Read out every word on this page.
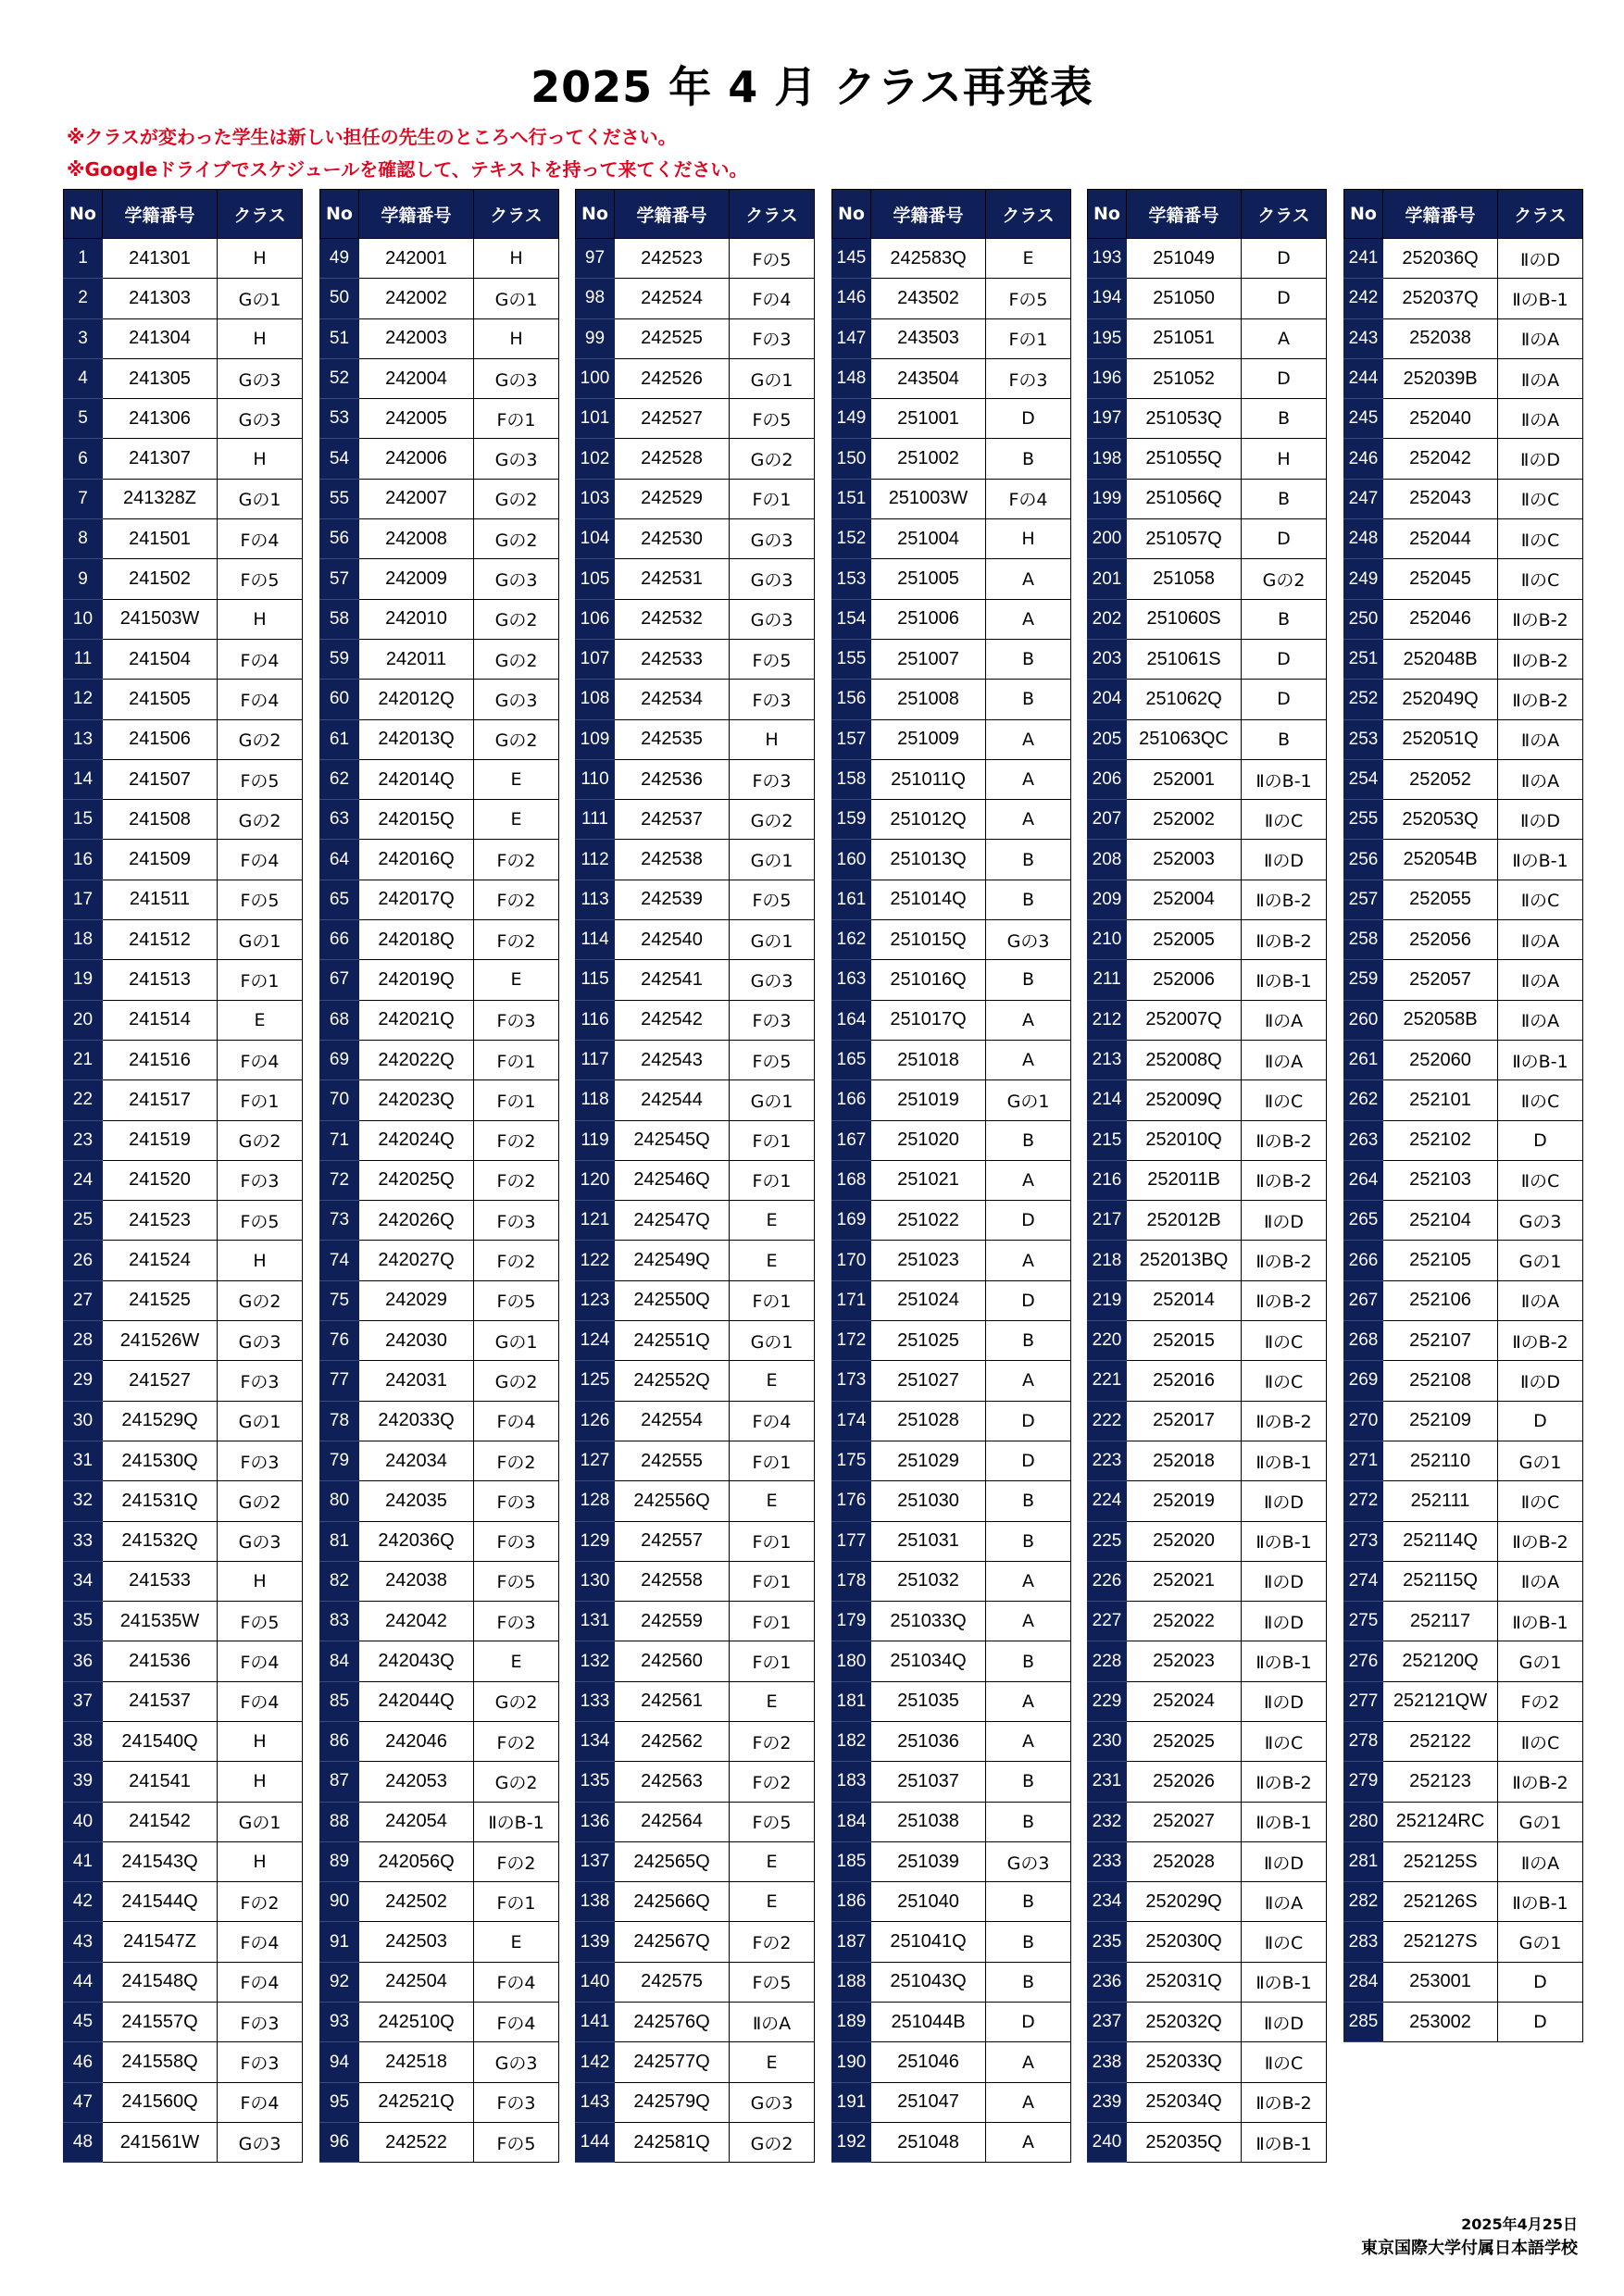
2025 年 4 月 クラス再発表
※クラスが変わった学生は新しい担任の先生のところへ行ってください。
※Googleドライブでスケジュールを確認して、テキストを持って来てください。
No	学籍番号	クラス
1	241301	H
2	241303	Gの1
3	241304	H
4	241305	Gの3
5	241306	Gの3
6	241307	H
7	241328Z	Gの1
8	241501	Fの4
9	241502	Fの5
10	241503W	H
11	241504	Fの4
12	241505	Fの4
13	241506	Gの2
14	241507	Fの5
15	241508	Gの2
16	241509	Fの4
17	241511	Fの5
18	241512	Gの1
19	241513	Fの1
20	241514	E
21	241516	Fの4
22	241517	Fの1
23	241519	Gの2
24	241520	Fの3
25	241523	Fの5
26	241524	H
27	241525	Gの2
28	241526W	Gの3
29	241527	Fの3
30	241529Q	Gの1
31	241530Q	Fの3
32	241531Q	Gの2
33	241532Q	Gの3
34	241533	H
35	241535W	Fの5
36	241536	Fの4
37	241537	Fの4
38	241540Q	H
39	241541	H
40	241542	Gの1
41	241543Q	H
42	241544Q	Fの2
43	241547Z	Fの4
44	241548Q	Fの4
45	241557Q	Fの3
46	241558Q	Fの3
47	241560Q	Fの4
48	241561W	Gの3
No	学籍番号	クラス
49	242001	H
50	242002	Gの1
51	242003	H
52	242004	Gの3
53	242005	Fの1
54	242006	Gの3
55	242007	Gの2
56	242008	Gの2
57	242009	Gの3
58	242010	Gの2
59	242011	Gの2
60	242012Q	Gの3
61	242013Q	Gの2
62	242014Q	E
63	242015Q	E
64	242016Q	Fの2
65	242017Q	Fの2
66	242018Q	Fの2
67	242019Q	E
68	242021Q	Fの3
69	242022Q	Fの1
70	242023Q	Fの1
71	242024Q	Fの2
72	242025Q	Fの2
73	242026Q	Fの3
74	242027Q	Fの2
75	242029	Fの5
76	242030	Gの1
77	242031	Gの2
78	242033Q	Fの4
79	242034	Fの2
80	242035	Fの3
81	242036Q	Fの3
82	242038	Fの5
83	242042	Fの3
84	242043Q	E
85	242044Q	Gの2
86	242046	Fの2
87	242053	Gの2
88	242054	ⅡのB-1
89	242056Q	Fの2
90	242502	Fの1
91	242503	E
92	242504	Fの4
93	242510Q	Fの4
94	242518	Gの3
95	242521Q	Fの3
96	242522	Fの5
No	学籍番号	クラス
97	242523	Fの5
98	242524	Fの4
99	242525	Fの3
100	242526	Gの1
101	242527	Fの5
102	242528	Gの2
103	242529	Fの1
104	242530	Gの3
105	242531	Gの3
106	242532	Gの3
107	242533	Fの5
108	242534	Fの3
109	242535	H
110	242536	Fの3
111	242537	Gの2
112	242538	Gの1
113	242539	Fの5
114	242540	Gの1
115	242541	Gの3
116	242542	Fの3
117	242543	Fの5
118	242544	Gの1
119	242545Q	Fの1
120	242546Q	Fの1
121	242547Q	E
122	242549Q	E
123	242550Q	Fの1
124	242551Q	Gの1
125	242552Q	E
126	242554	Fの4
127	242555	Fの1
128	242556Q	E
129	242557	Fの1
130	242558	Fの1
131	242559	Fの1
132	242560	Fの1
133	242561	E
134	242562	Fの2
135	242563	Fの2
136	242564	Fの5
137	242565Q	E
138	242566Q	E
139	242567Q	Fの2
140	242575	Fの5
141	242576Q	ⅡのA
142	242577Q	E
143	242579Q	Gの3
144	242581Q	Gの2
No	学籍番号	クラス
145	242583Q	E
146	243502	Fの5
147	243503	Fの1
148	243504	Fの3
149	251001	D
150	251002	B
151	251003W	Fの4
152	251004	H
153	251005	A
154	251006	A
155	251007	B
156	251008	B
157	251009	A
158	251011Q	A
159	251012Q	A
160	251013Q	B
161	251014Q	B
162	251015Q	Gの3
163	251016Q	B
164	251017Q	A
165	251018	A
166	251019	Gの1
167	251020	B
168	251021	A
169	251022	D
170	251023	A
171	251024	D
172	251025	B
173	251027	A
174	251028	D
175	251029	D
176	251030	B
177	251031	B
178	251032	A
179	251033Q	A
180	251034Q	B
181	251035	A
182	251036	A
183	251037	B
184	251038	B
185	251039	Gの3
186	251040	B
187	251041Q	B
188	251043Q	B
189	251044B	D
190	251046	A
191	251047	A
192	251048	A
No	学籍番号	クラス
193	251049	D
194	251050	D
195	251051	A
196	251052	D
197	251053Q	B
198	251055Q	H
199	251056Q	B
200	251057Q	D
201	251058	Gの2
202	251060S	B
203	251061S	D
204	251062Q	D
205	251063QC	B
206	252001	ⅡのB-1
207	252002	ⅡのC
208	252003	ⅡのD
209	252004	ⅡのB-2
210	252005	ⅡのB-2
211	252006	ⅡのB-1
212	252007Q	ⅡのA
213	252008Q	ⅡのA
214	252009Q	ⅡのC
215	252010Q	ⅡのB-2
216	252011B	ⅡのB-2
217	252012B	ⅡのD
218	252013BQ	ⅡのB-2
219	252014	ⅡのB-2
220	252015	ⅡのC
221	252016	ⅡのC
222	252017	ⅡのB-2
223	252018	ⅡのB-1
224	252019	ⅡのD
225	252020	ⅡのB-1
226	252021	ⅡのD
227	252022	ⅡのD
228	252023	ⅡのB-1
229	252024	ⅡのD
230	252025	ⅡのC
231	252026	ⅡのB-2
232	252027	ⅡのB-1
233	252028	ⅡのD
234	252029Q	ⅡのA
235	252030Q	ⅡのC
236	252031Q	ⅡのB-1
237	252032Q	ⅡのD
238	252033Q	ⅡのC
239	252034Q	ⅡのB-2
240	252035Q	ⅡのB-1
No	学籍番号	クラス
241	252036Q	ⅡのD
242	252037Q	ⅡのB-1
243	252038	ⅡのA
244	252039B	ⅡのA
245	252040	ⅡのA
246	252042	ⅡのD
247	252043	ⅡのC
248	252044	ⅡのC
249	252045	ⅡのC
250	252046	ⅡのB-2
251	252048B	ⅡのB-2
252	252049Q	ⅡのB-2
253	252051Q	ⅡのA
254	252052	ⅡのA
255	252053Q	ⅡのD
256	252054B	ⅡのB-1
257	252055	ⅡのC
258	252056	ⅡのA
259	252057	ⅡのA
260	252058B	ⅡのA
261	252060	ⅡのB-1
262	252101	ⅡのC
263	252102	D
264	252103	ⅡのC
265	252104	Gの3
266	252105	Gの1
267	252106	ⅡのA
268	252107	ⅡのB-2
269	252108	ⅡのD
270	252109	D
271	252110	Gの1
272	252111	ⅡのC
273	252114Q	ⅡのB-2
274	252115Q	ⅡのA
275	252117	ⅡのB-1
276	252120Q	Gの1
277	252121QW	Fの2
278	252122	ⅡのC
279	252123	ⅡのB-2
280	252124RC	Gの1
281	252125S	ⅡのA
282	252126S	ⅡのB-1
283	252127S	Gの1
284	253001	D
285	253002	D
2025年4月25日
東京国際大学付属日本語学校
